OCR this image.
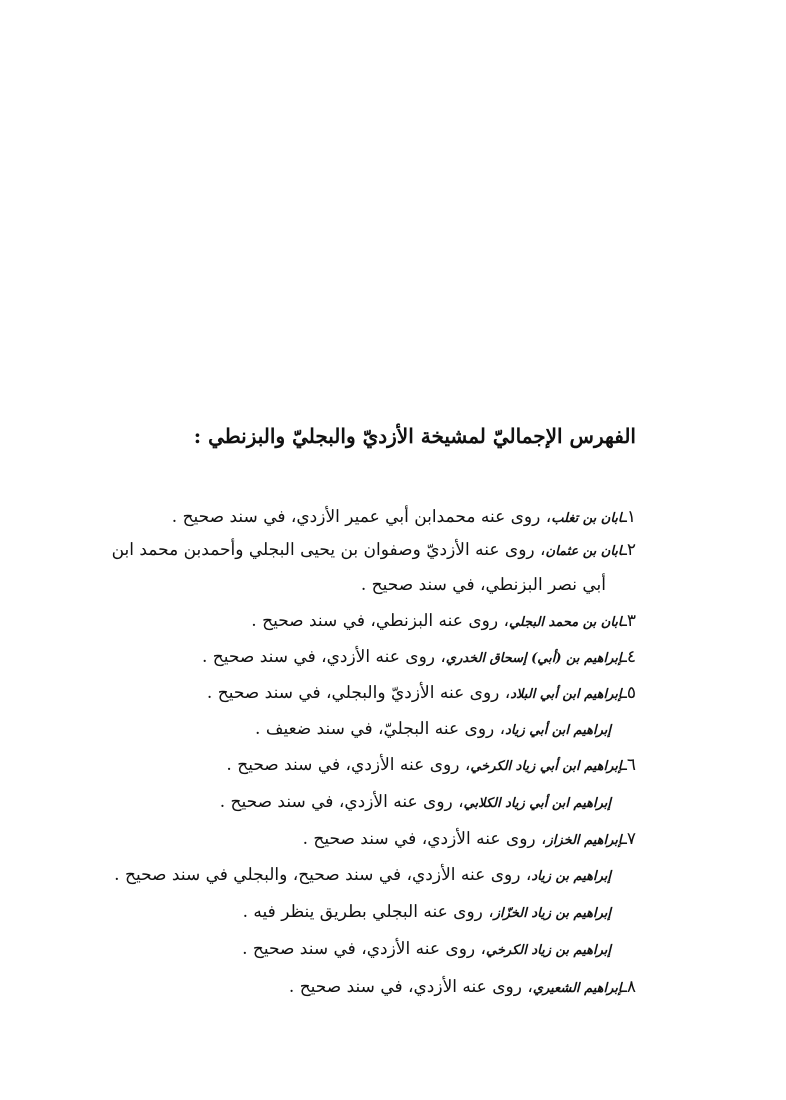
الفهرس الإجماليّ لمشيخة الأزديّ والبجليّ والبزنطي :
١ـابان بن تغلب، روى عنه محمدابن أبي عمير الأزدي، في سند صحيح .
٢ـابان بن عثمان، روى عنه الأزديّ وصفوان بن يحيى البجلي وأحمدبن محمد ابن
أبي نصر البزنطي، في سند صحيح .
٣ـابان بن محمد البجلي، روى عنه البزنطي، في سند صحيح .
٤ـإبراهيم بن (أبي) إسحاق الخدري، روى عنه الأزدي، في سند صحيح .
٥ـإبراهيم ابن أبي البلاد، روى عنه الأزديّ والبجلي، في سند صحيح .
إبراهيم ابن أبي زياد، روى عنه البجليّ، في سند ضعيف .
٦ـإبراهيم ابن أبي زياد الكرخي، روى عنه الأزدي، في سند صحيح .
إبراهيم ابن أبي زياد الكلابي، روى عنه الأزدي، في سند صحيح .
٧ـإبراهيم الخزاز، روى عنه الأزدي، في سند صحيح .
إبراهيم بن زياد، روى عنه الأزدي، في سند صحيح، والبجلي في سند صحيح .
إبراهيم بن زياد الخزّاز، روى عنه البجلي بطريق ينظر فيه .
إبراهيم بن زياد الكرخي، روى عنه الأزدي، في سند صحيح .
٨ـإبراهيم الشعيري، روى عنه الأزدي، في سند صحيح .
